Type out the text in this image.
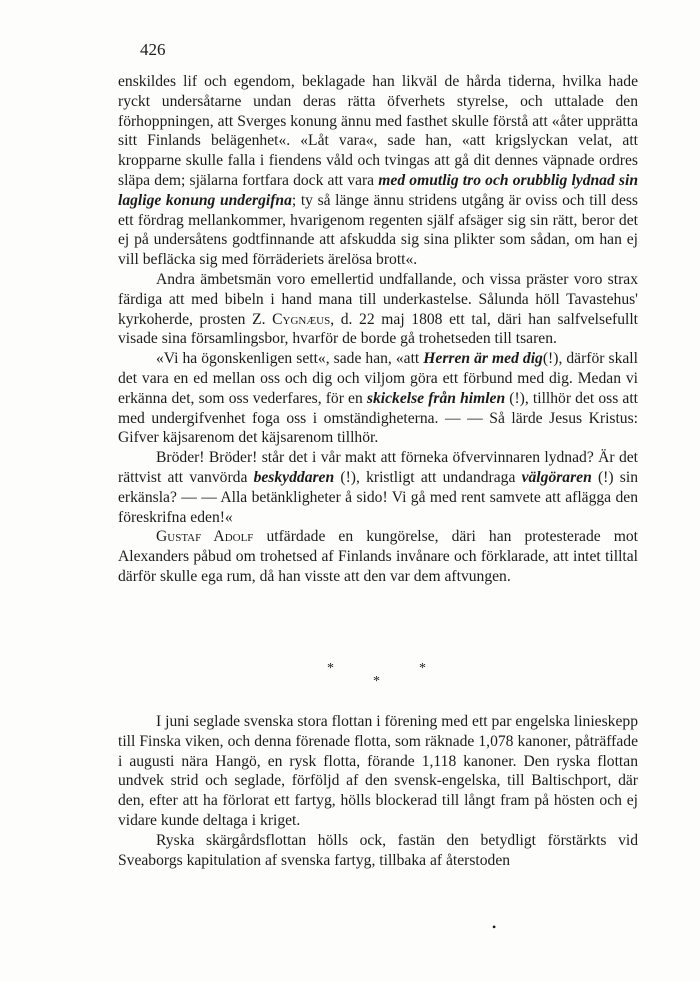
426

enskildes lif och egendom, beklagade han likväl de hårda tiderna, hvilka hade ryckt undersåtarne undan deras rätta öfverhets styrelse, och uttalade den förhoppningen, att Sverges konung ännu med fasthet skulle förstå att «åter upprätta sitt Finlands belägenhet«. «Låt vara«, sade han, «att krigslyckan velat, att kropparne skulle falla i fiendens våld och tvingas att gå dit dennes väpnade ordres släpa dem; själarna fortfara dock att vara med omutlig tro och orubblig lydnad sin laglige konung undergifna; ty så länge ännu stridens utgång är oviss och till dess ett fördrag mellankommer, hvarigenom regenten själf afsäger sig sin rätt, beror det ej på undersåtens godtfinnande att afskudda sig sina plikter som sådan, om han ej vill befläcka sig med förräderiets ärelösa brott«.

Andra ämbetsmän voro emellertid undfallande, och vissa präster voro strax färdiga att med bibeln i hand mana till underkastelse. Sålunda höll Tavastehus' kyrkoherde, prosten Z. Cygnæus, d. 22 maj 1808 ett tal, däri han salfvelsefullt visade sina församlingsbor, hvarför de borde gå trohetseden till tsaren.

«Vi ha ögonskenligen sett«, sade han, «att Herren är med dig(!), därför skall det vara en ed mellan oss och dig och viljom göra ett förbund med dig. Medan vi erkänna det, som oss vederfares, för en skickelse från himlen (!), tillhör det oss att med undergifvenhet foga oss i omständigheterna. — — Så lärde Jesus Kristus: Gifver käjsarenom det käjsarenom tillhör.

Bröder! Bröder! står det i vår makt att förneka öfvervinnaren lydnad? Är det rättvist att vanvörda beskyddaren (!), kristligt att undandraga välgöraren (!) sin erkänsla? — — Alla betänkligheter å sido! Vi gå med rent samvete att aflägga den föreskrifna eden!«

Gustaf Adolf utfärdade en kungörelse, däri han protesterade mot Alexanders påbud om trohetsed af Finlands invånare och förklarade, att intet tilltal därför skulle ega rum, då han visste att den var dem aftvungen.

*	*
*

I juni seglade svenska stora flottan i förening med ett par engelska linieskepp till Finska viken, och denna förenade flotta, som räknade 1,078 kanoner, påträffade i augusti nära Hangö, en rysk flotta, förande 1,118 kanoner. Den ryska flottan undvek strid och seglade, förföljd af den svensk-engelska, till Baltischport, där den, efter att ha förlorat ett fartyg, hölls blockerad till långt fram på hösten och ej vidare kunde deltaga i kriget.

Ryska skärgårdsflottan hölls ock, fastän den betydligt förstärkts vid Sveaborgs kapitulation af svenska fartyg, tillbaka af återstoden

•
